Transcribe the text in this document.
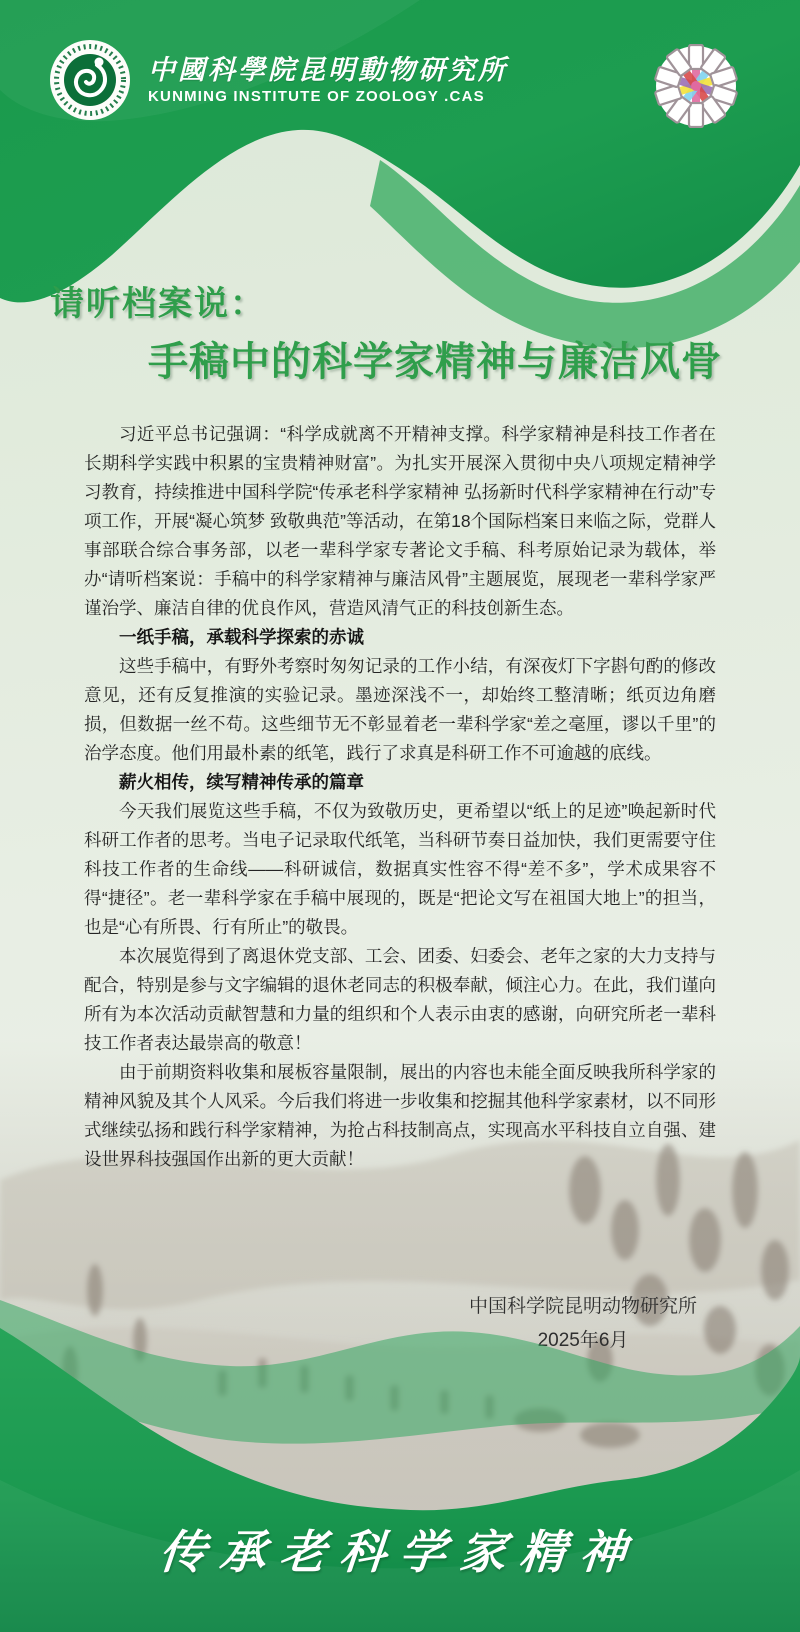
中國科學院昆明動物研究所
KUNMING INSTITUTE OF ZOOLOGY .CAS
请听档案说：
手稿中的科学家精神与廉洁风骨
习近平总书记强调：“科学成就离不开精神支撑。科学家精神是科技工作者在长期科学实践中积累的宝贵精神财富”。为扎实开展深入贯彻中央八项规定精神学习教育，持续推进中国科学院“传承老科学家精神 弘扬新时代科学家精神在行动”专项工作，开展“凝心筑梦 致敬典范”等活动，在第18个国际档案日来临之际，党群人事部联合综合事务部，以老一辈科学家专著论文手稿、科考原始记录为载体，举办“请听档案说：手稿中的科学家精神与廉洁风骨”主题展览，展现老一辈科学家严谨治学、廉洁自律的优良作风，营造风清气正的科技创新生态。
一纸手稿，承载科学探索的赤诚
这些手稿中，有野外考察时匆匆记录的工作小结，有深夜灯下字斟句酌的修改意见，还有反复推演的实验记录。墨迹深浅不一，却始终工整清晰；纸页边角磨损，但数据一丝不苟。这些细节无不彰显着老一辈科学家“差之毫厘，谬以千里”的治学态度。他们用最朴素的纸笔，践行了求真是科研工作不可逾越的底线。
薪火相传，续写精神传承的篇章
今天我们展览这些手稿，不仅为致敬历史，更希望以“纸上的足迹”唤起新时代科研工作者的思考。当电子记录取代纸笔，当科研节奏日益加快，我们更需要守住科技工作者的生命线——科研诚信，数据真实性容不得“差不多”，学术成果容不得“捷径”。老一辈科学家在手稿中展现的，既是“把论文写在祖国大地上”的担当，也是“心有所畏、行有所止”的敬畏。
本次展览得到了离退休党支部、工会、团委、妇委会、老年之家的大力支持与配合，特别是参与文字编辑的退休老同志的积极奉献，倾注心力。在此，我们谨向所有为本次活动贡献智慧和力量的组织和个人表示由衷的感谢，向研究所老一辈科技工作者表达最崇高的敬意！
由于前期资料收集和展板容量限制，展出的内容也未能全面反映我所科学家的精神风貌及其个人风采。今后我们将进一步收集和挖掘其他科学家素材，以不同形式继续弘扬和践行科学家精神，为抢占科技制高点，实现高水平科技自立自强、建设世界科技强国作出新的更大贡献！
中国科学院昆明动物研究所
2025年6月
传承老科学家精神
